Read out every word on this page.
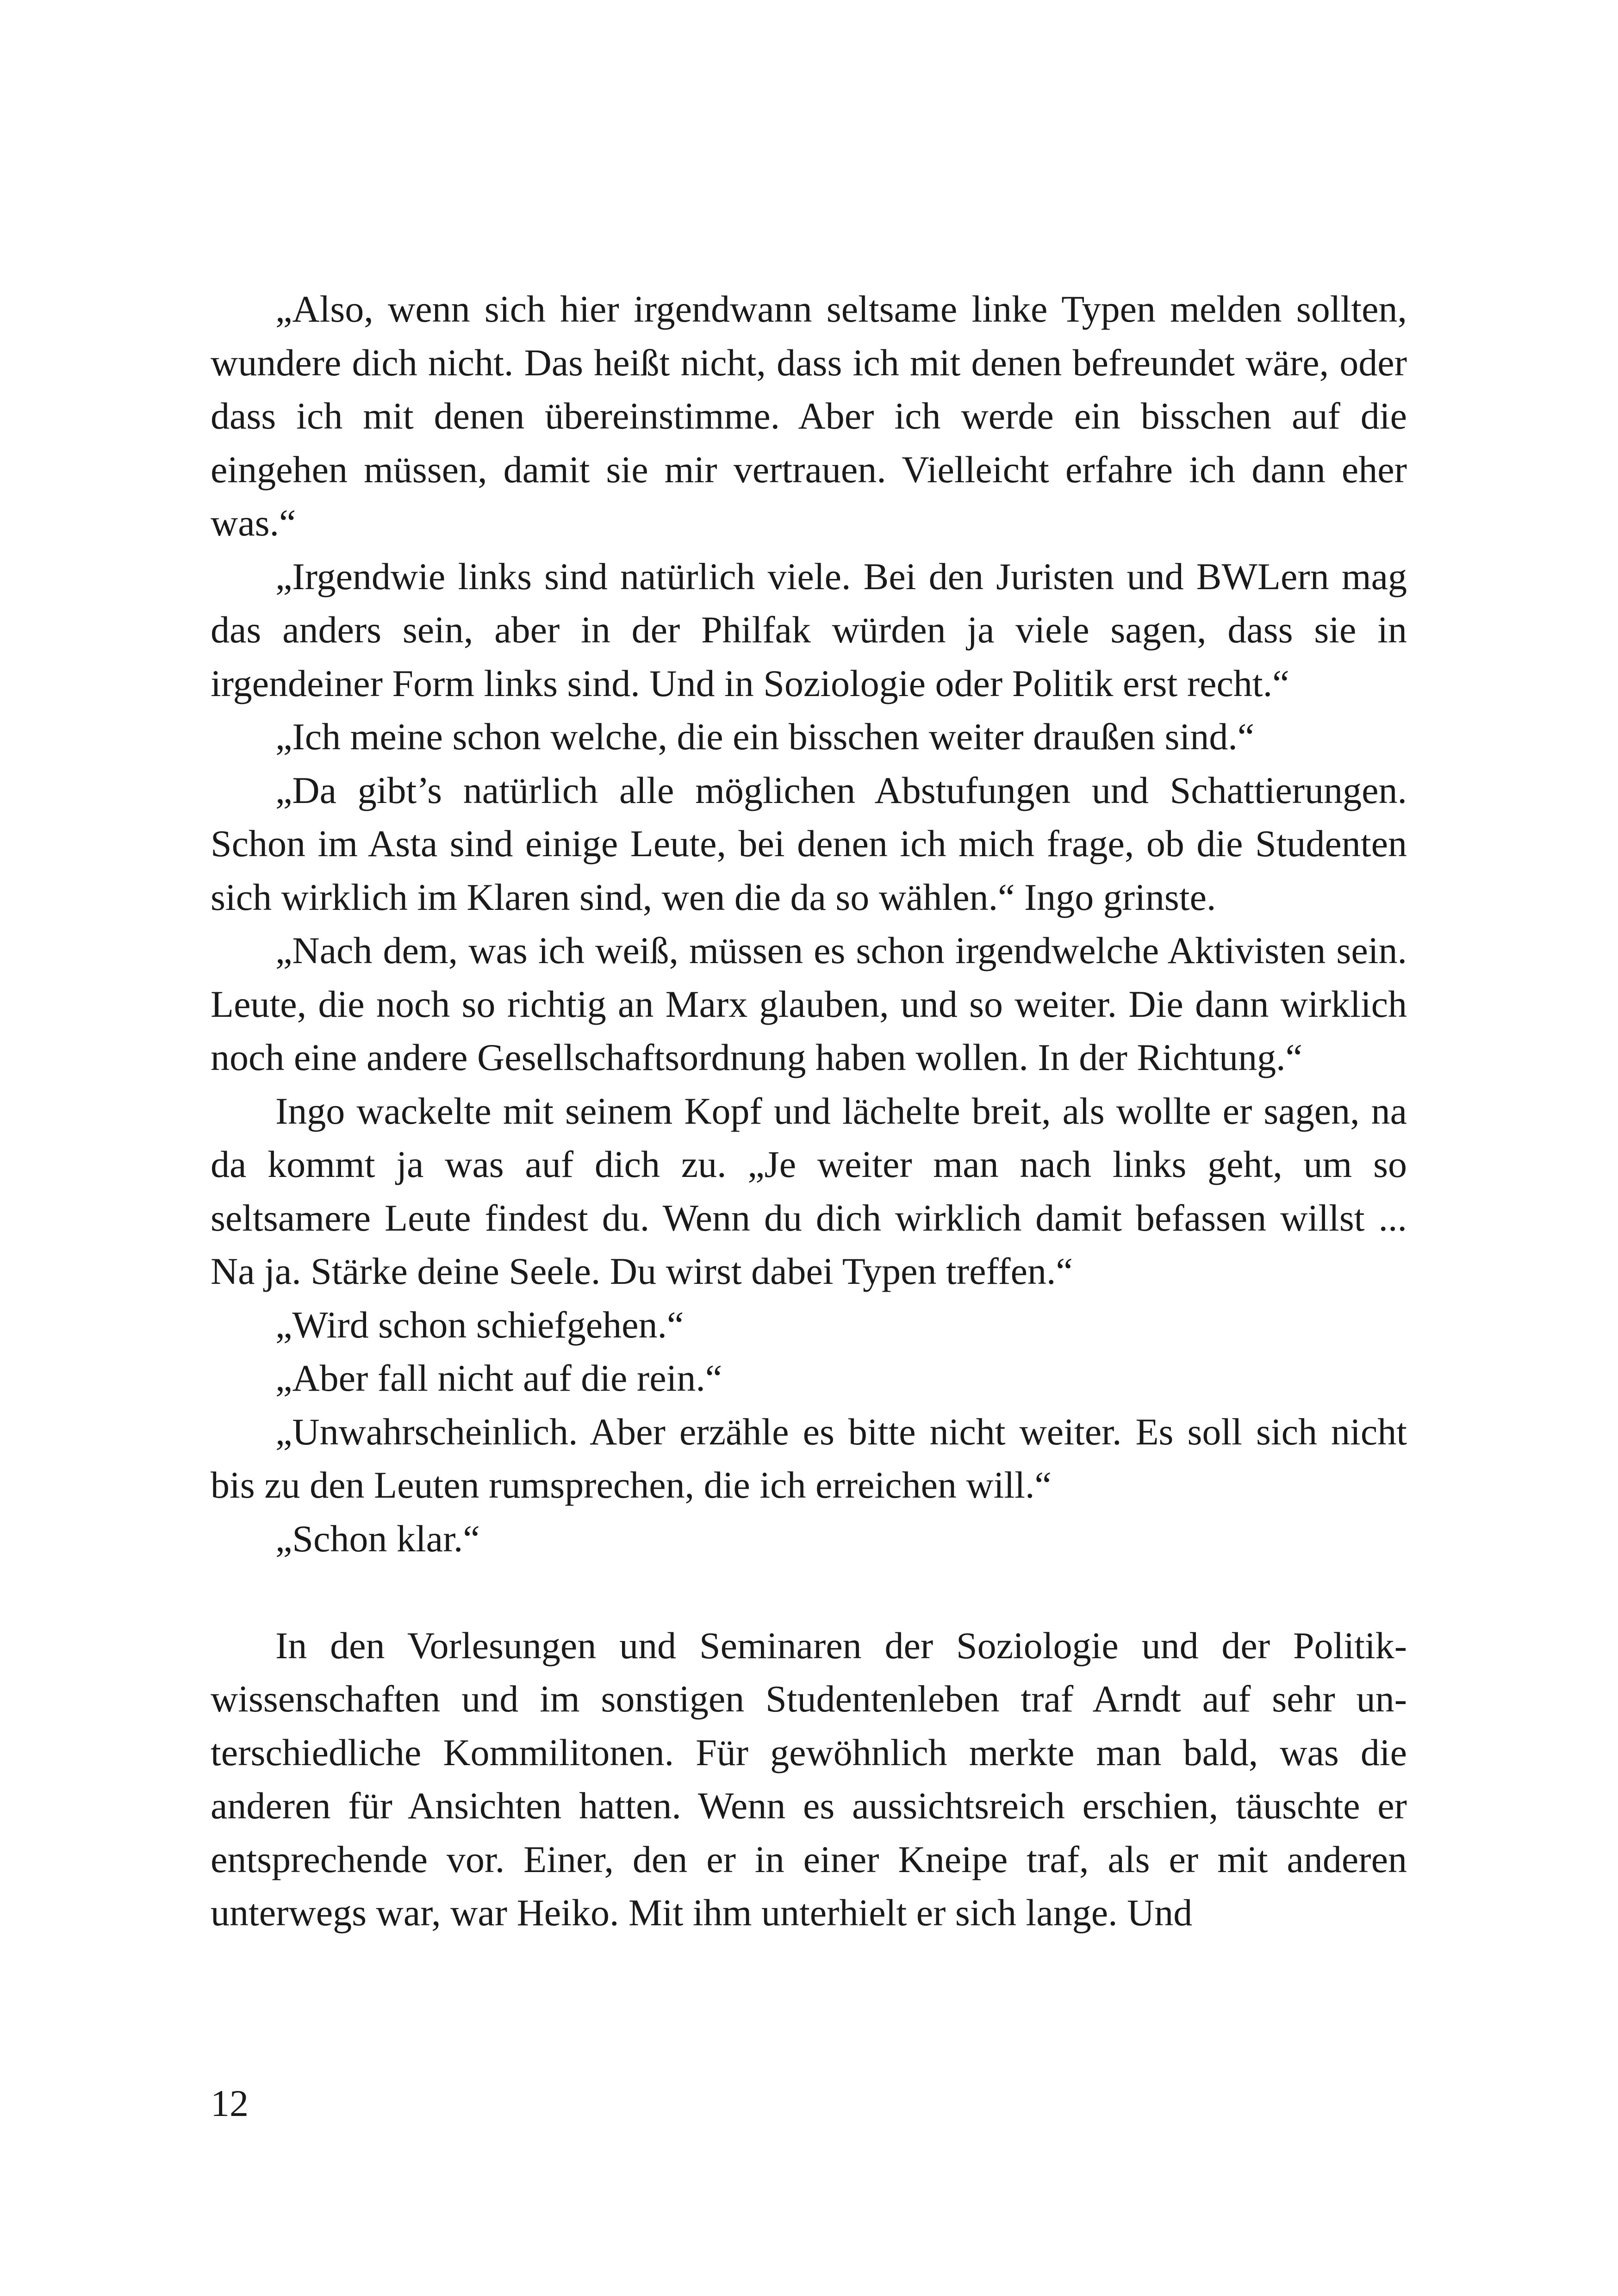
„Also, wenn sich hier irgendwann seltsame linke Typen melden sollten, wundere dich nicht. Das heißt nicht, dass ich mit denen befreundet wäre, oder dass ich mit denen übereinstimme. Aber ich werde ein bisschen auf die eingehen müssen, damit sie mir vertrauen. Vielleicht erfahre ich dann eher was.“

„Irgendwie links sind natürlich viele. Bei den Juristen und BWLern mag das anders sein, aber in der Philfak würden ja viele sagen, dass sie in irgendeiner Form links sind. Und in Soziologie oder Politik erst recht.“

„Ich meine schon welche, die ein bisschen weiter draußen sind.“

„Da gibt’s natürlich alle möglichen Abstufungen und Schattierungen. Schon im Asta sind einige Leute, bei denen ich mich frage, ob die Studenten sich wirklich im Klaren sind, wen die da so wählen.“ Ingo grinste.

„Nach dem, was ich weiß, müssen es schon irgendwelche Aktivisten sein. Leute, die noch so richtig an Marx glauben, und so weiter. Die dann wirklich noch eine andere Gesellschaftsordnung haben wollen. In der Richtung.“

Ingo wackelte mit seinem Kopf und lächelte breit, als wollte er sagen, na da kommt ja was auf dich zu. „Je weiter man nach links geht, um so seltsamere Leute findest du. Wenn du dich wirklich damit befassen willst ... Na ja. Stärke deine Seele. Du wirst dabei Typen treffen.“

„Wird schon schiefgehen.“

„Aber fall nicht auf die rein.“

„Unwahrscheinlich. Aber erzähle es bitte nicht weiter. Es soll sich nicht bis zu den Leuten rumsprechen, die ich erreichen will.“

„Schon klar.“

In den Vorlesungen und Seminaren der Soziologie und der Politikwissenschaften und im sonstigen Studentenleben traf Arndt auf sehr unterschiedliche Kommilitonen. Für gewöhnlich merkte man bald, was die anderen für Ansichten hatten. Wenn es aussichtsreich erschien, täuschte er entsprechende vor. Einer, den er in einer Kneipe traf, als er mit anderen unterwegs war, war Heiko. Mit ihm unterhielt er sich lange. Und

12
